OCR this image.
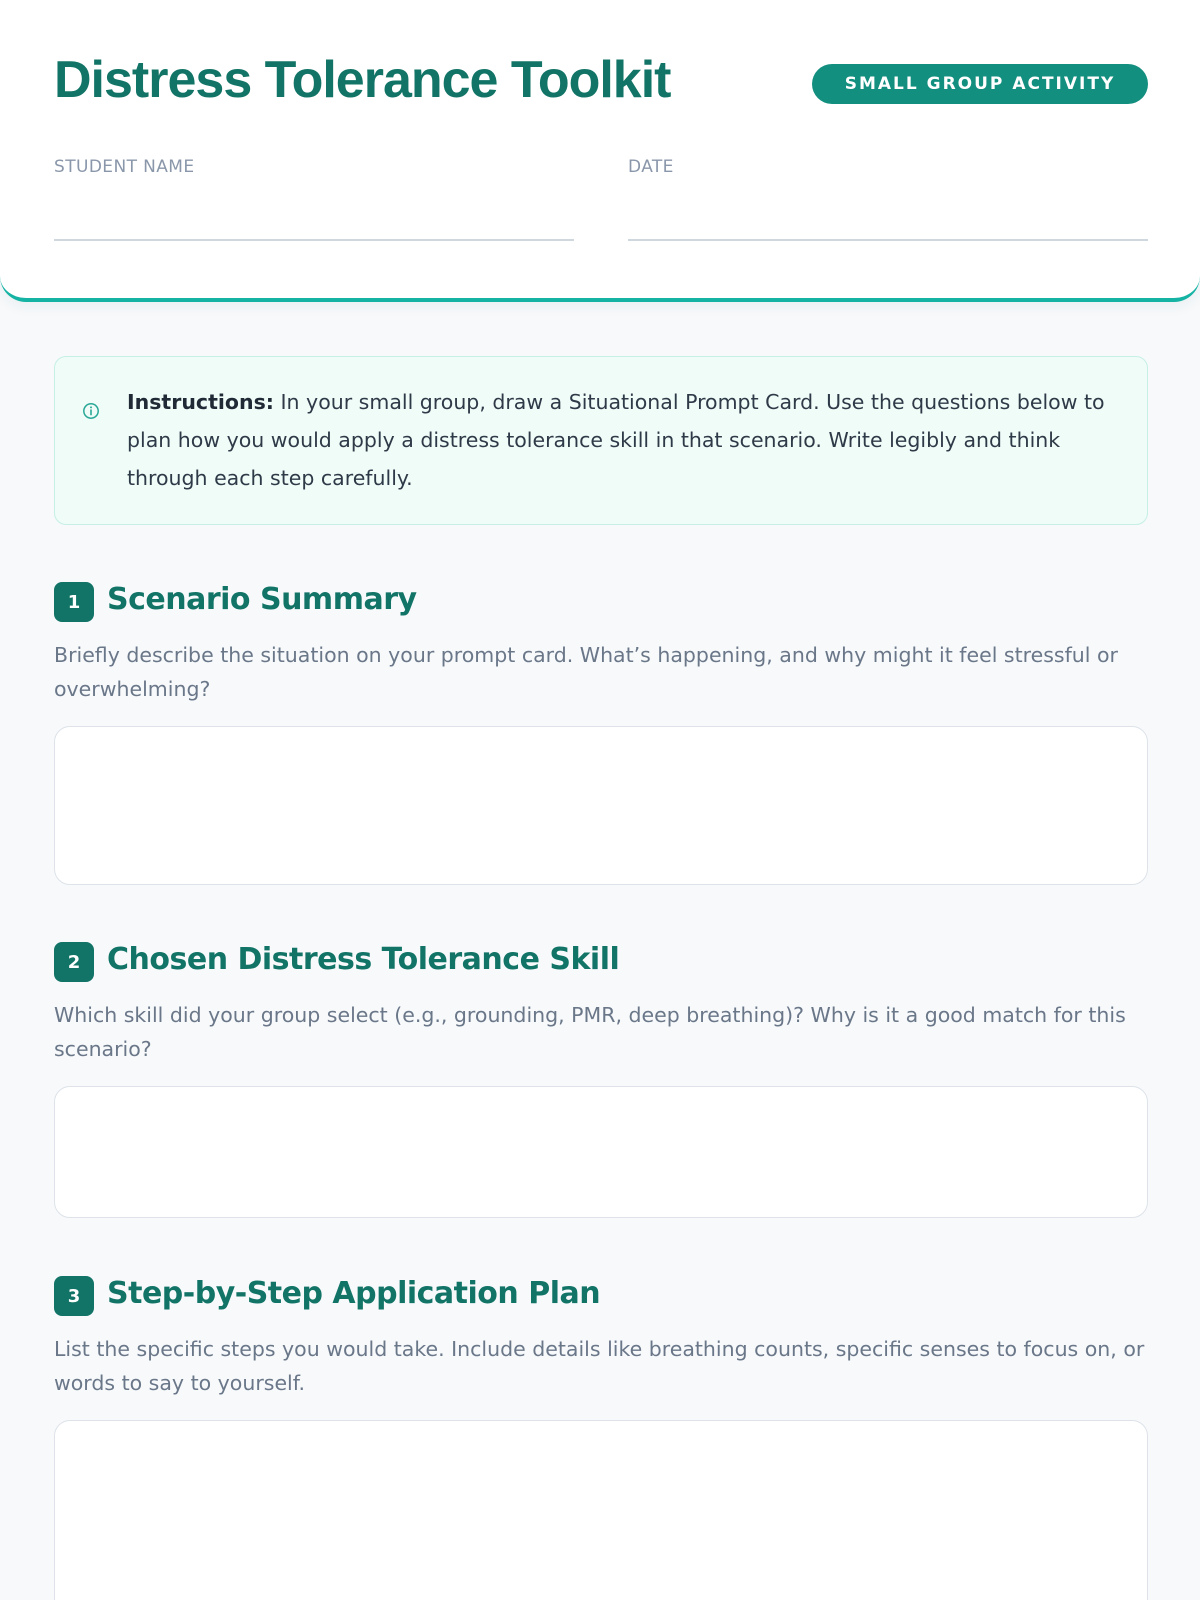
Distress Tolerance Toolkit	SMALL GROUP ACTIVITY
STUDENT NAME	DATE

Instructions: In your small group, draw a Situational Prompt Card. Use the questions below to plan how you would apply a distress tolerance skill in that scenario. Write legibly and think through each step carefully.

1 Scenario Summary

Briefly describe the situation on your prompt card. What’s happening, and why might it feel stressful or overwhelming?

2 Chosen Distress Tolerance Skill

Which skill did your group select (e.g., grounding, PMR, deep breathing)? Why is it a good match for this scenario?

3 Step-by-Step Application Plan

List the specific steps you would take. Include details like breathing counts, specific senses to focus on, or words to say to yourself.
